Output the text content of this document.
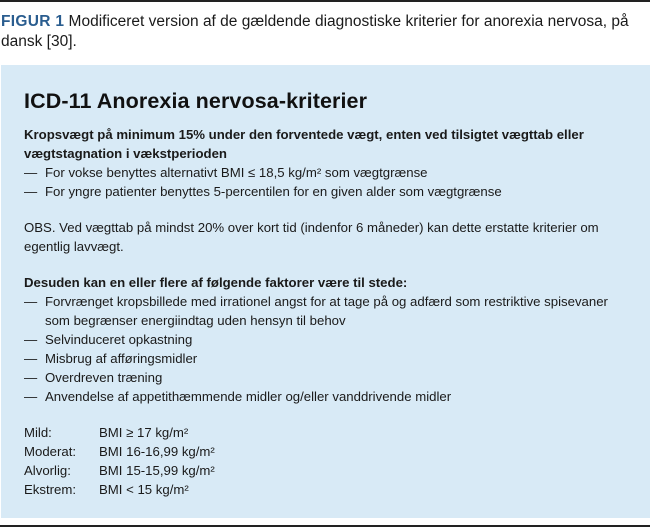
FIGUR 1 Modificeret version af de gældende diagnostiske kriterier for anorexia nervosa, på dansk [30].
ICD-11 Anorexia nervosa-kriterier

Kropsvægt på minimum 15% under den forventede vægt, enten ved tilsigtet vægttab eller vægtstagnation i vækstperioden

— For vokse benyttes alternativt BMI ≤ 18,5 kg/m² som vægtgrænse
— For yngre patienter benyttes 5-percentilen for en given alder som vægtgrænse

OBS. Ved vægttab på mindst 20% over kort tid (indenfor 6 måneder) kan dette erstatte kriterier om egentlig lavvægt.

Desuden kan en eller flere af følgende faktorer være til stede:

— Forvrænget kropsbillede med irrationel angst for at tage på og adfærd som restriktive spisevaner som begrænser energiindtag uden hensyn til behov
— Selvinduceret opkastning
— Misbrug af afføringsmidler
— Overdreven træning
— Anvendelse af appetithæmmende midler og/eller vanddrivende midler
Mild:	BMI ≥ 17 kg/m²
Moderat:	BMI 16-16,99 kg/m²
Alvorlig:	BMI 15-15,99 kg/m²
Ekstrem:	BMI < 15 kg/m²
